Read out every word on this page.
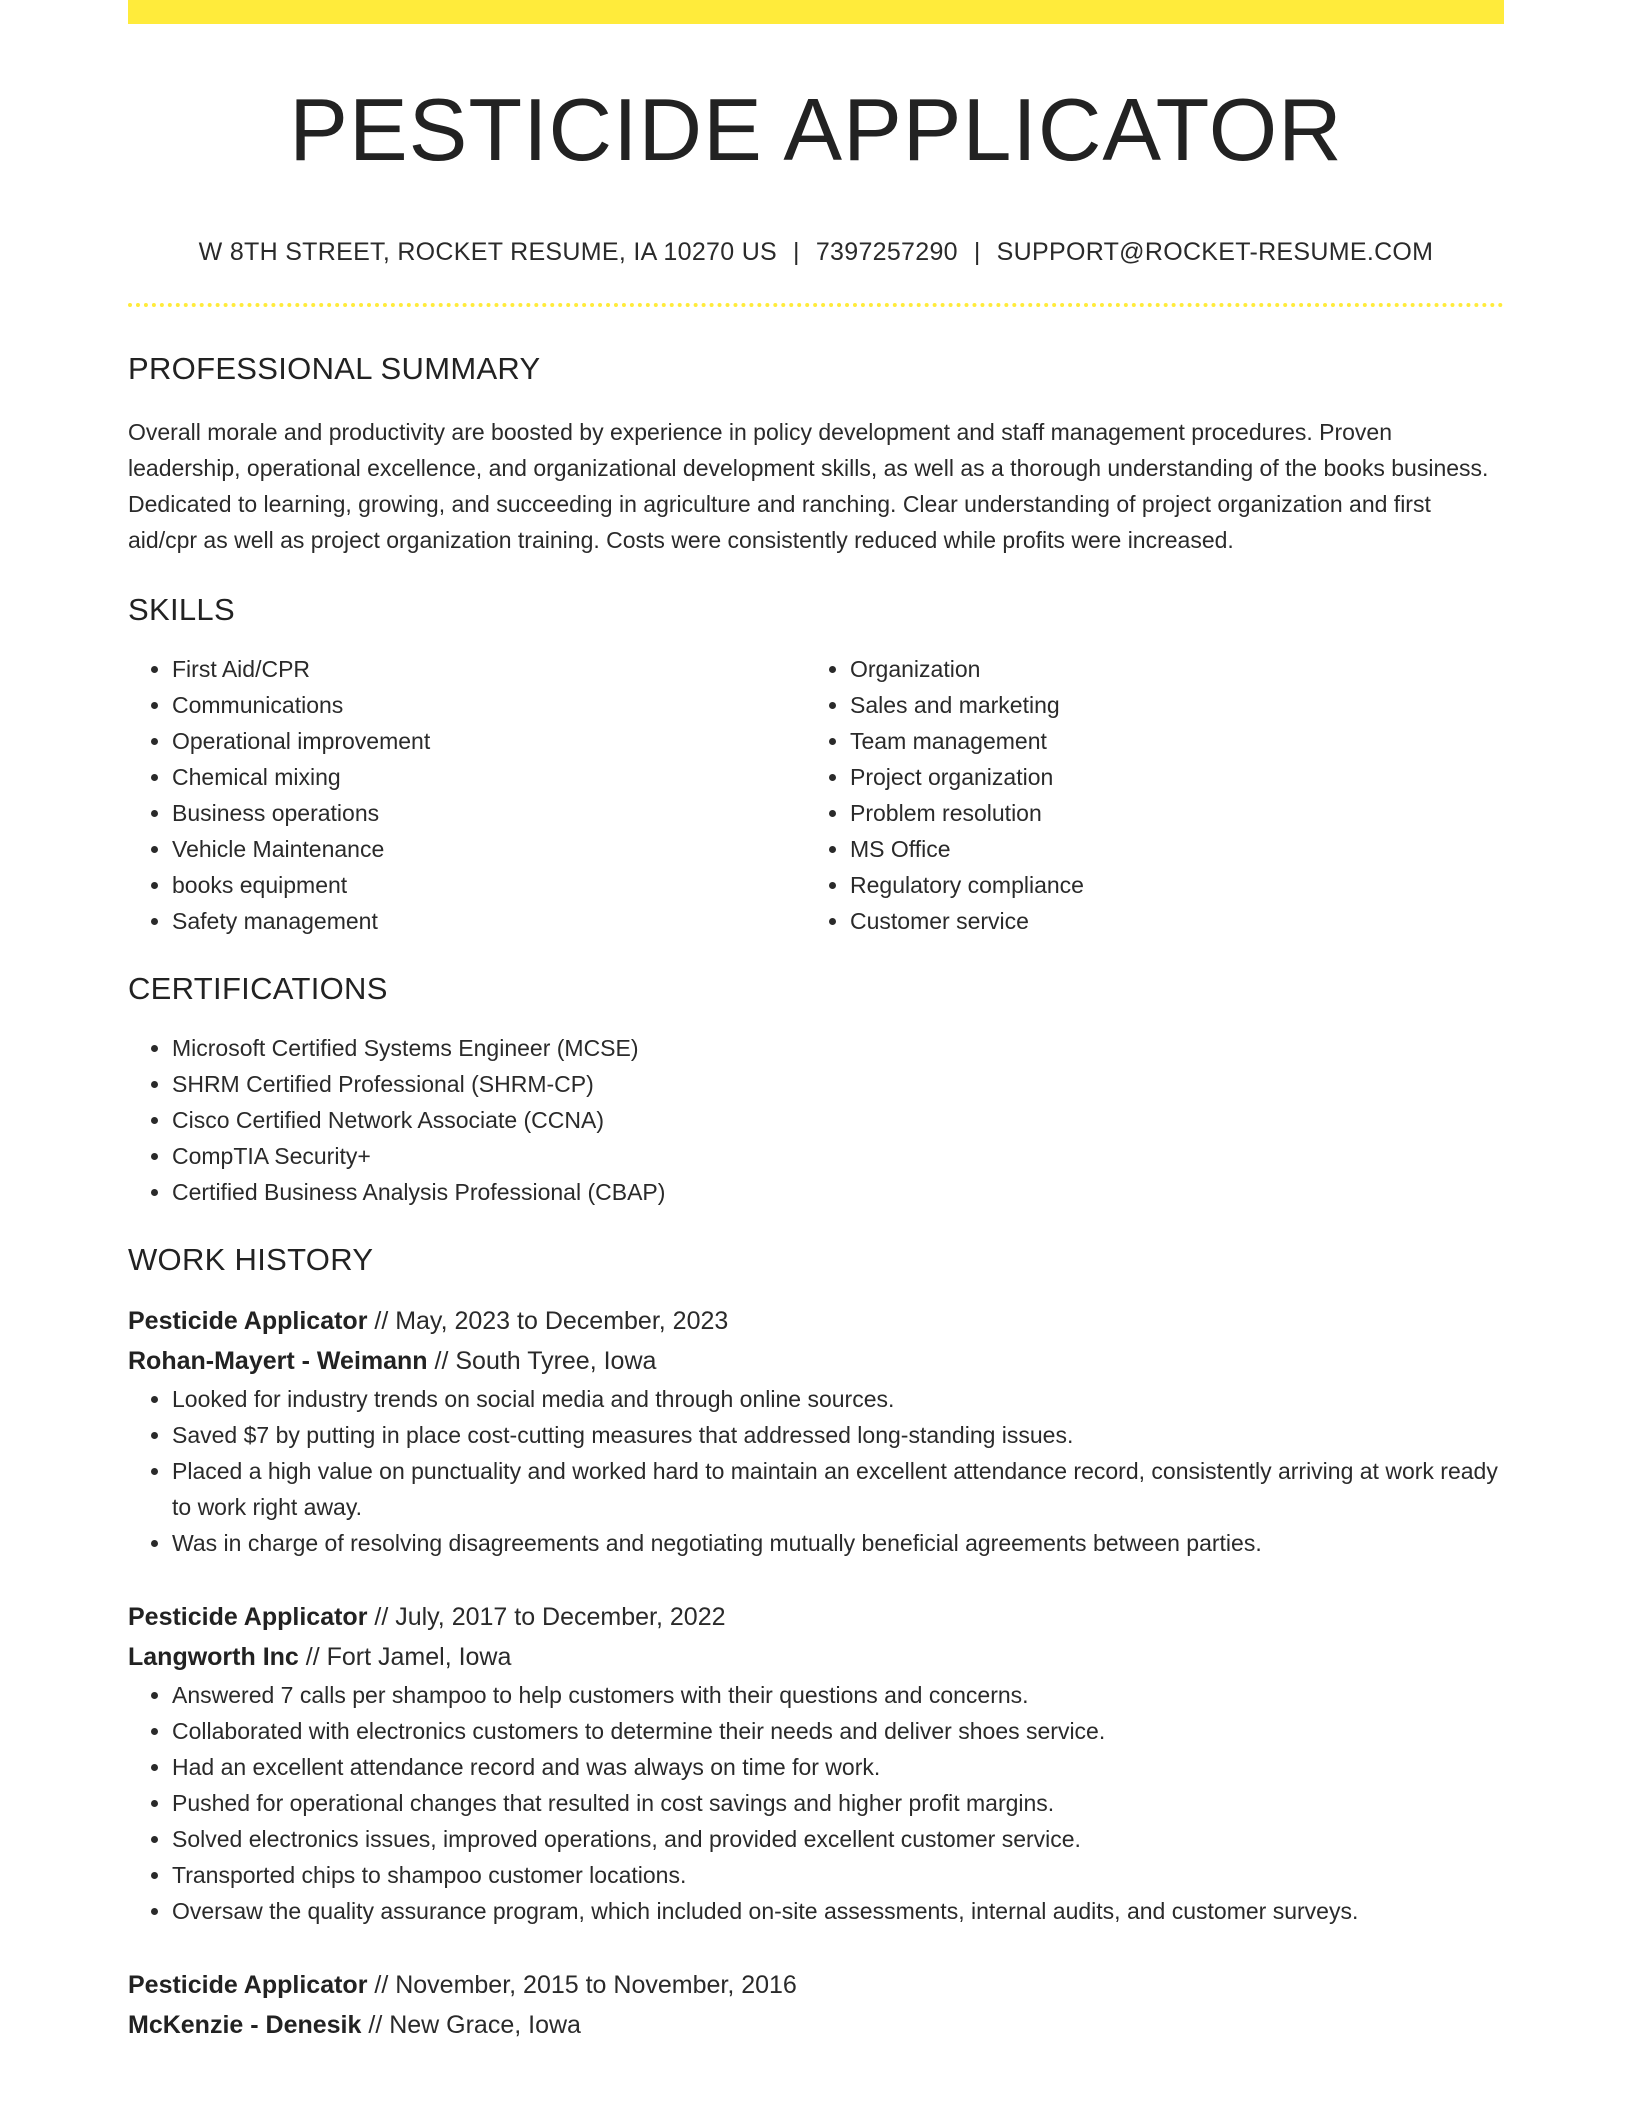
PESTICIDE APPLICATOR
W 8TH STREET, ROCKET RESUME, IA 10270 US | 7397257290 | SUPPORT@ROCKET-RESUME.COM
PROFESSIONAL SUMMARY

Overall morale and productivity are boosted by experience in policy development and staff management procedures. Proven leadership, operational excellence, and organizational development skills, as well as a thorough understanding of the books business. Dedicated to learning, growing, and succeeding in agriculture and ranching. Clear understanding of project organization and first aid/cpr as well as project organization training. Costs were consistently reduced while profits were increased.

SKILLS
• First Aid/CPR
• Communications
• Operational improvement
• Chemical mixing
• Business operations
• Vehicle Maintenance
• books equipment
• Safety management
• Organization
• Sales and marketing
• Team management
• Project organization
• Problem resolution
• MS Office
• Regulatory compliance
• Customer service
CERTIFICATIONS
• Microsoft Certified Systems Engineer (MCSE)
• SHRM Certified Professional (SHRM-CP)
• Cisco Certified Network Associate (CCNA)
• CompTIA Security+
• Certified Business Analysis Professional (CBAP)
WORK HISTORY
Pesticide Applicator // May, 2023 to December, 2023
Rohan-Mayert - Weimann // South Tyree, Iowa
• Looked for industry trends on social media and through online sources.
• Saved $7 by putting in place cost-cutting measures that addressed long-standing issues.
• Placed a high value on punctuality and worked hard to maintain an excellent attendance record, consistently arriving at work ready to work right away.
• Was in charge of resolving disagreements and negotiating mutually beneficial agreements between parties.
Pesticide Applicator // July, 2017 to December, 2022
Langworth Inc // Fort Jamel, Iowa
• Answered 7 calls per shampoo to help customers with their questions and concerns.
• Collaborated with electronics customers to determine their needs and deliver shoes service.
• Had an excellent attendance record and was always on time for work.
• Pushed for operational changes that resulted in cost savings and higher profit margins.
• Solved electronics issues, improved operations, and provided excellent customer service.
• Transported chips to shampoo customer locations.
• Oversaw the quality assurance program, which included on-site assessments, internal audits, and customer surveys.
Pesticide Applicator // November, 2015 to November, 2016
McKenzie - Denesik // New Grace, Iowa
